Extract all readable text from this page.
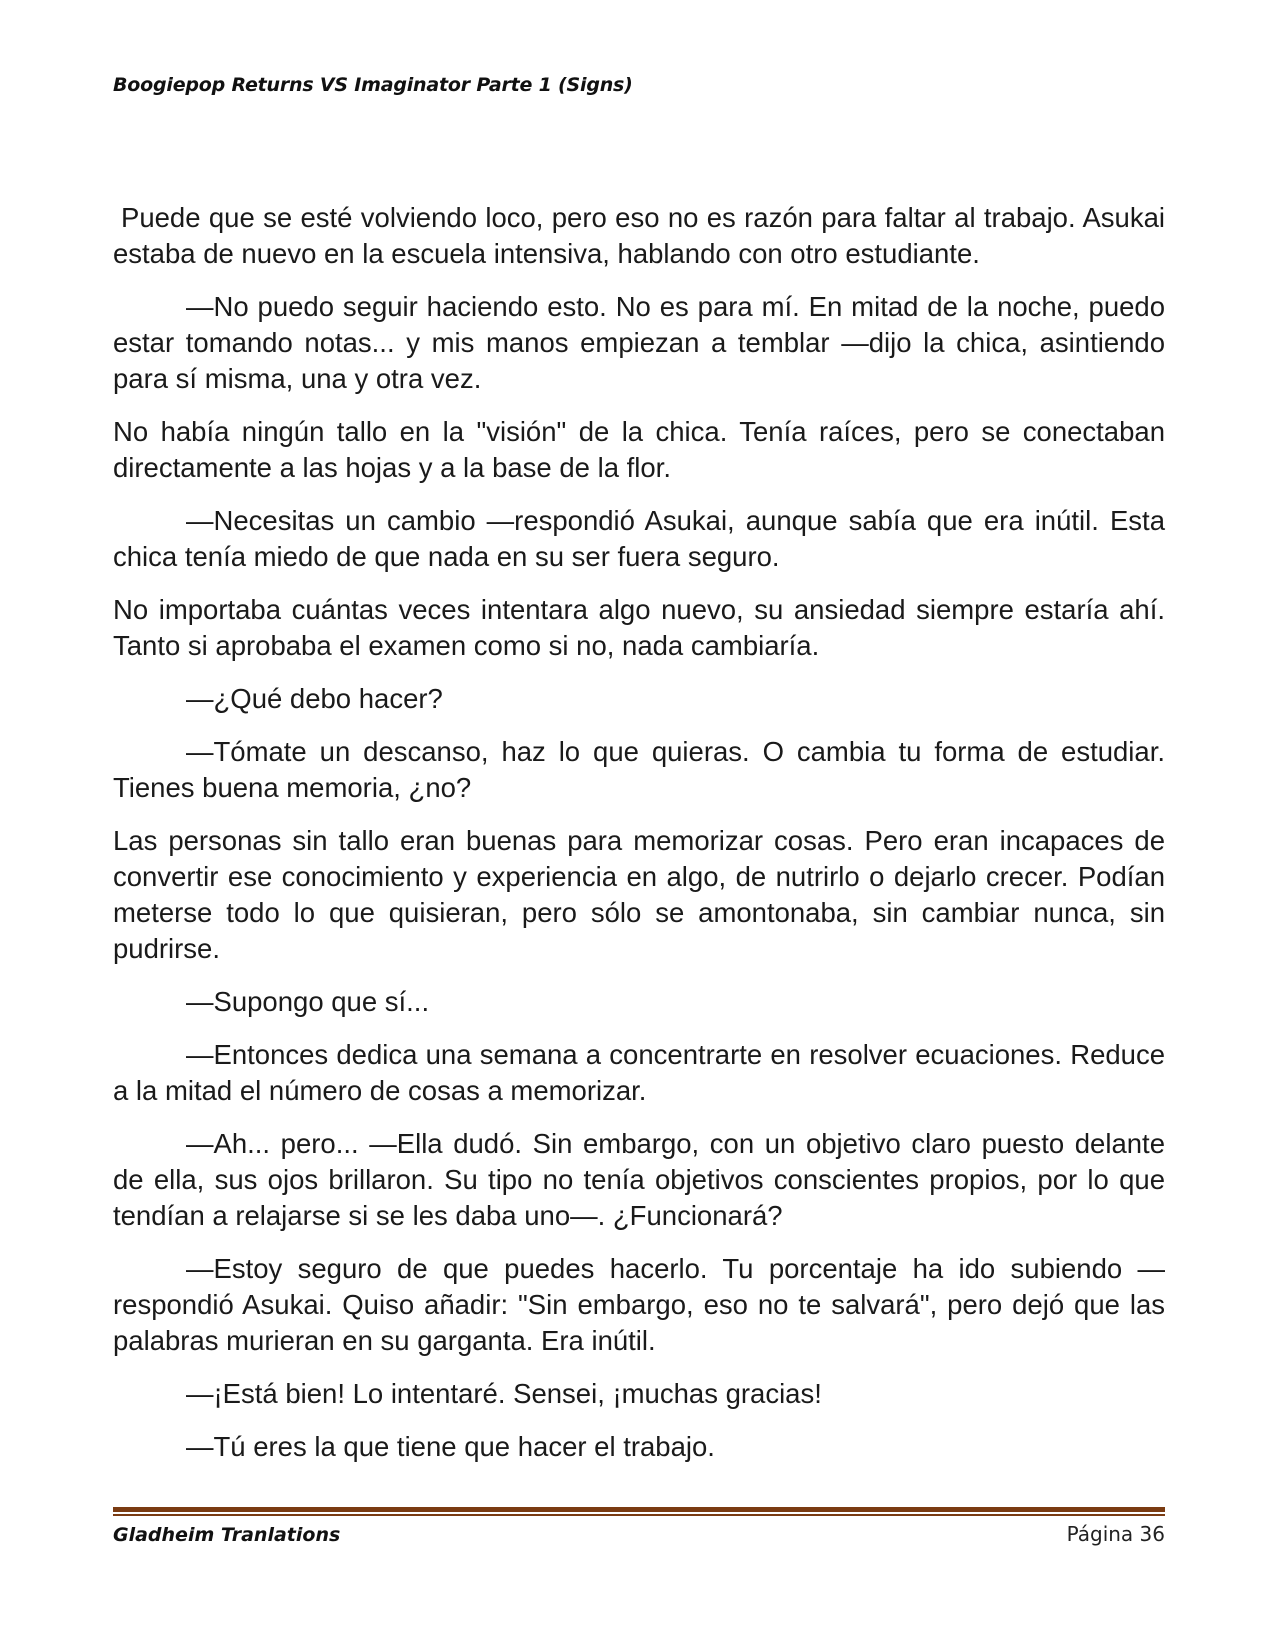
Boogiepop Returns VS Imaginator Parte 1 (Signs)

Puede que se esté volviendo loco, pero eso no es razón para faltar al trabajo. Asukai estaba de nuevo en la escuela intensiva, hablando con otro estudiante.

—No puedo seguir haciendo esto. No es para mí. En mitad de la noche, puedo estar tomando notas... y mis manos empiezan a temblar —dijo la chica, asintiendo para sí misma, una y otra vez.

No había ningún tallo en la "visión" de la chica. Tenía raíces, pero se conectaban directamente a las hojas y a la base de la flor.

—Necesitas un cambio —respondió Asukai, aunque sabía que era inútil. Esta chica tenía miedo de que nada en su ser fuera seguro.

No importaba cuántas veces intentara algo nuevo, su ansiedad siempre estaría ahí. Tanto si aprobaba el examen como si no, nada cambiaría.

—¿Qué debo hacer?

—Tómate un descanso, haz lo que quieras. O cambia tu forma de estudiar. Tienes buena memoria, ¿no?

Las personas sin tallo eran buenas para memorizar cosas. Pero eran incapaces de convertir ese conocimiento y experiencia en algo, de nutrirlo o dejarlo crecer. Podían meterse todo lo que quisieran, pero sólo se amontonaba, sin cambiar nunca, sin pudrirse.

—Supongo que sí...

—Entonces dedica una semana a concentrarte en resolver ecuaciones. Reduce a la mitad el número de cosas a memorizar.

—Ah... pero... —Ella dudó. Sin embargo, con un objetivo claro puesto delante de ella, sus ojos brillaron. Su tipo no tenía objetivos conscientes propios, por lo que tendían a relajarse si se les daba uno—. ¿Funcionará?

—Estoy seguro de que puedes hacerlo. Tu porcentaje ha ido subiendo —respondió Asukai. Quiso añadir: "Sin embargo, eso no te salvará", pero dejó que las palabras murieran en su garganta. Era inútil.

—¡Está bien! Lo intentaré. Sensei, ¡muchas gracias!

—Tú eres la que tiene que hacer el trabajo.

Gladheim Tranlations	Página 36
